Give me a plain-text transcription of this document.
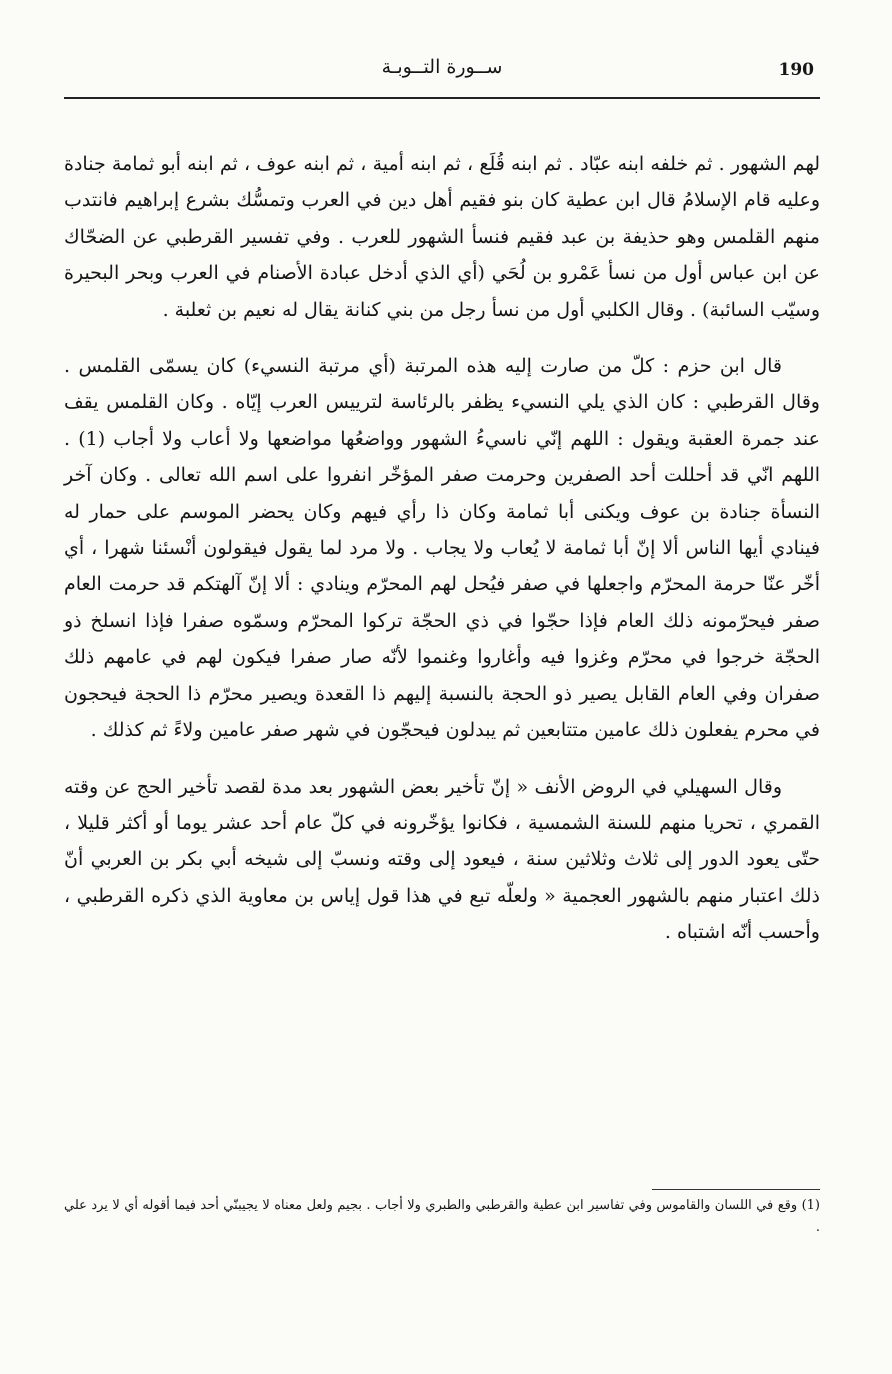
190
ســورة التــوبـة

لهم الشهور . ثم خلفه ابنه عبّاد . ثم ابنه قُلَع ، ثم ابنه أمية ، ثم ابنه عوف ، ثم ابنه أبو ثمامة جنادة وعليه قام الإسلامُ قال ابن عطية كان بنو فقيم أهل دين في العرب وتمسُّك بشرع إبراهيم فانتدب منهم القلمس وهو حذيفة بن عبد فقيم فنسأ الشهور للعرب . وفي تفسير القرطبي عن الضحّاك عن ابن عباس أول من نسأ عَمْرو بن لُحَي (أي الذي أدخل عبادة الأصنام في العرب وبحر البحيرة وسيّب السائبة) . وقال الكلبي أول من نسأ رجل من بني كنانة يقال له نعيم بن ثعلبة .

قال ابن حزم : كلّ من صارت إليه هذه المرتبة (أي مرتبة النسيء) كان يسمّى القلمس . وقال القرطبي : كان الذي يلي النسيء يظفر بالرئاسة لترييس العرب إيّاه . وكان القلمس يقف عند جمرة العقبة ويقول : اللهم إنّي ناسيءُ الشهور وواضعُها مواضعها ولا أعاب ولا أجاب (1) . اللهم انّي قد أحللت أحد الصفرين وحرمت صفر المؤخّر انفروا على اسم الله تعالى . وكان آخر النسأة جنادة بن عوف ويكنى أبا ثمامة وكان ذا رأي فيهم وكان يحضر الموسم على حمار له فينادي أيها الناس ألا إنّ أبا ثمامة لا يُعاب ولا يجاب . ولا مرد لما يقول فيقولون أنْسئنا شهرا ، أي أخّر عنّا حرمة المحرّم واجعلها في صفر فيُحل لهم المحرّم وينادي : ألا إنّ آلهتكم قد حرمت العام صفر فيحرّمونه ذلك العام فإذا حجّوا في ذي الحجّة تركوا المحرّم وسمّوه صفرا فإذا انسلخ ذو الحجّة خرجوا في محرّم وغزوا فيه وأغاروا وغنموا لأنّه صار صفرا فيكون لهم في عامهم ذلك صفران وفي العام القابل يصير ذو الحجة بالنسبة إليهم ذا القعدة ويصير محرّم ذا الحجة فيحجون في محرم يفعلون ذلك عامين متتابعين ثم يبدلون فيحجّون في شهر صفر عامين ولاءً ثم كذلك .

وقال السهيلي في الروض الأنف « إنّ تأخير بعض الشهور بعد مدة لقصد تأخير الحج عن وقته القمري ، تحريا منهم للسنة الشمسية ، فكانوا يؤخّرونه في كلّ عام أحد عشر يوما أو أكثر قليلا ، حتّى يعود الدور إلى ثلاث وثلاثين سنة ، فيعود إلى وقته ونسبّ إلى شيخه أبي بكر بن العربي أنّ ذلك اعتبار منهم بالشهور العجمية « ولعلّه تبع في هذا قول إياس بن معاوية الذي ذكره القرطبي ، وأحسب أنّه اشتباه .

(1) وقع في اللسان والقاموس وفي تفاسير ابن عطية والقرطبي والطبري ولا أجاب . بجيم ولعل معناه لا يجيبنّي أحد فيما أقوله أي لا يرد علي .
